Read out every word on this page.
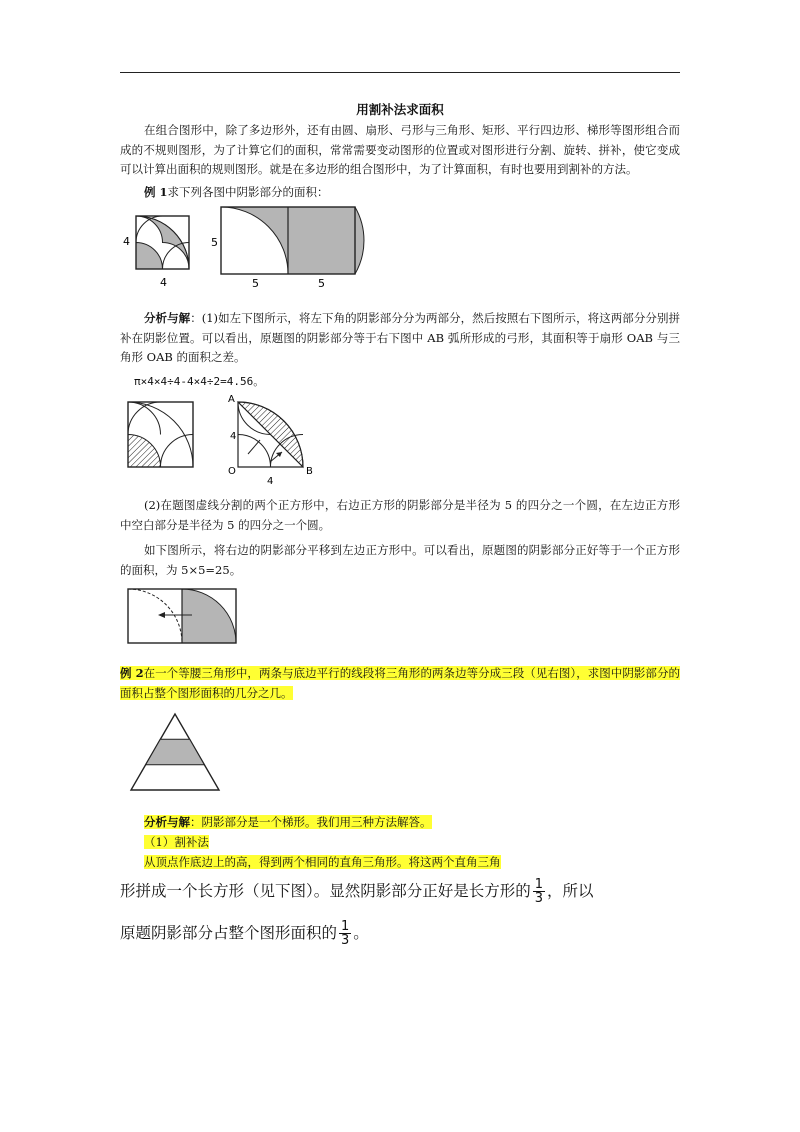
用割补法求面积
在组合图形中，除了多边形外，还有由圆、扇形、弓形与三角形、矩形、平行四边形、梯形等图形组合而成的不规则图形，为了计算它们的面积，常常需要变动图形的位置或对图形进行分割、旋转、拼补，使它变成可以计算出面积的规则图形。就是在多边形的组合图形中，为了计算面积，有时也要用到割补的方法。
例 1求下列各图中阴影部分的面积：
4
4
5
5	5
分析与解：(1)如左下图所示，将左下角的阴影部分分为两部分，然后按照右下图所示，将这两部分分别拼补在阴影位置。可以看出，原题图的阴影部分等于右下图中 AB 弧所形成的弓形，其面积等于扇形 OAB 与三角形 OAB 的面积之差。
π×4×4÷4-4×4÷2=4.56。
A
O	B
4
4
(2)在题图虚线分割的两个正方形中，右边正方形的阴影部分是半径为 5 的四分之一个圆，在左边正方形中空白部分是半径为 5 的四分之一个圆。
如下图所示，将右边的阴影部分平移到左边正方形中。可以看出，原题图的阴影部分正好等于一个正方形的面积，为 5×5=25。
例 2在一个等腰三角形中，两条与底边平行的线段将三角形的两条边等分成三段（见右图），求图中阴影部分的面积占整个图形面积的几分之几。
分析与解：阴影部分是一个梯形。我们用三种方法解答。
（1）割补法
从顶点作底边上的高，得到两个相同的直角三角形。将这两个直角三角
形拼成一个长方形（见下图）。显然阴影部分正好是长方形的 $\frac{1}{3}$ ，所以
原题阴影部分占整个图形面积的 $\frac{1}{3}$ 。
